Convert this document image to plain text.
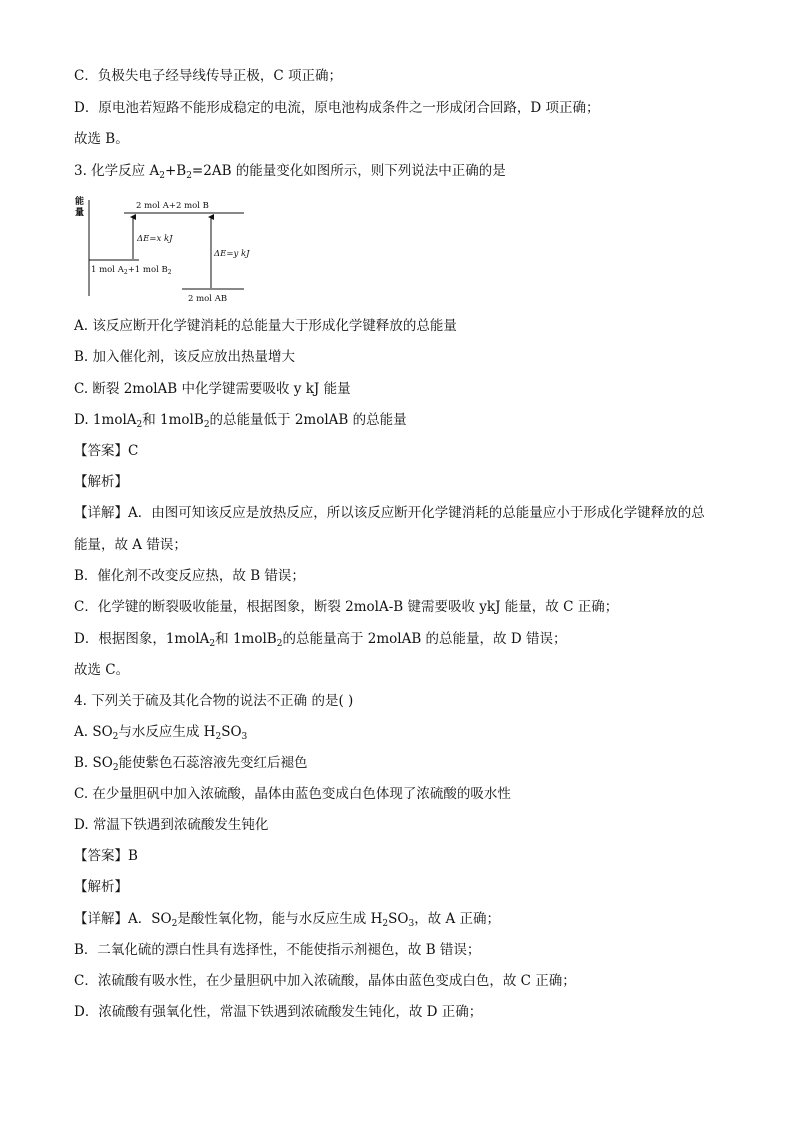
C．负极失电子经导线传导正极，C 项正确；
D．原电池若短路不能形成稳定的电流，原电池构成条件之一形成闭合回路，D 项正确；
故选 B。
3. 化学反应 $A_2+B_2=2AB$ 的能量变化如图所示，则下列说法中正确的是
能
量
2 mol A+2 mol B
ΔE=x kJ
ΔE=y kJ
1 mol $A_2+1$ mol $B_2$
2 mol AB
A. 该反应断开化学键消耗的总能量大于形成化学键释放的总能量
B. 加入催化剂，该反应放出热量增大
C. 断裂 2molAB 中化学键需要吸收 y kJ 能量
D. 1molA$_2$和 1molB$_2$的总能量低于 2molAB 的总能量
【答案】C
【解析】
【详解】A．由图可知该反应是放热反应，所以该反应断开化学键消耗的总能量应小于形成化学键释放的总
能量，故 A 错误；
B．催化剂不改变反应热，故 B 错误；
C．化学键的断裂吸收能量，根据图象，断裂 2molA-B 键需要吸收 ykJ 能量，故 C 正确；
D．根据图象，1molA$_2$和 1molB$_2$的总能量高于 2molAB 的总能量，故 D 错误；
故选 C。
4. 下列关于硫及其化合物的说法不正确 的是( )
A. $SO_2$与水反应生成 $H_2SO_3$
B. $SO_2$能使紫色石蕊溶液先变红后褪色
C. 在少量胆矾中加入浓硫酸，晶体由蓝色变成白色体现了浓硫酸的吸水性
D. 常温下铁遇到浓硫酸发生钝化
【答案】B
【解析】
【详解】A．$SO_2$是酸性氧化物，能与水反应生成 $H_2SO_3$，故 A 正确；
B．二氧化硫的漂白性具有选择性，不能使指示剂褪色，故 B 错误；
C．浓硫酸有吸水性，在少量胆矾中加入浓硫酸，晶体由蓝色变成白色，故 C 正确；
D．浓硫酸有强氧化性，常温下铁遇到浓硫酸发生钝化，故 D 正确；
